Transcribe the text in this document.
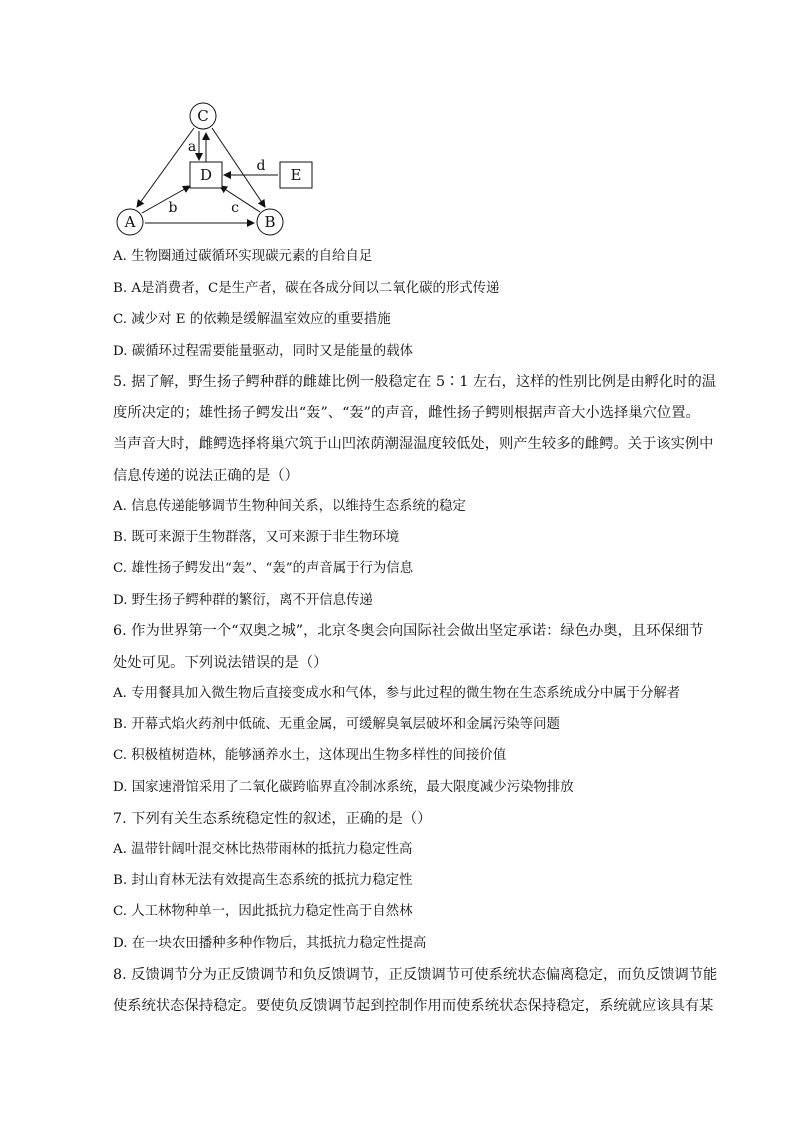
C
D	E
A	B
a
b	c
d
A. 生物圈通过碳循环实现碳元素的自给自足
B. A是消费者，C是生产者，碳在各成分间以二氧化碳的形式传递
C. 减少对 E 的依赖是缓解温室效应的重要措施
D. 碳循环过程需要能量驱动，同时又是能量的载体
5. 据了解，野生扬子鳄种群的雌雄比例一般稳定在 5∶1 左右，这样的性别比例是由孵化时的温
度所决定的；雄性扬子鳄发出“轰”、“轰”的声音，雌性扬子鳄则根据声音大小选择巢穴位置。
当声音大时，雌鳄选择将巢穴筑于山凹浓荫潮湿温度较低处，则产生较多的雌鳄。关于该实例中
信息传递的说法正确的是（）
A. 信息传递能够调节生物种间关系，以维持生态系统的稳定
B. 既可来源于生物群落，又可来源于非生物环境
C. 雄性扬子鳄发出“轰”、“轰”的声音属于行为信息
D. 野生扬子鳄种群的繁衍，离不开信息传递
6. 作为世界第一个“双奥之城”，北京冬奥会向国际社会做出坚定承诺：绿色办奥，且环保细节
处处可见。下列说法错误的是（）
A. 专用餐具加入微生物后直接变成水和气体，参与此过程的微生物在生态系统成分中属于分解者
B. 开幕式焰火药剂中低硫、无重金属，可缓解臭氧层破坏和金属污染等问题
C. 积极植树造林，能够涵养水土，这体现出生物多样性的间接价值
D. 国家速滑馆采用了二氧化碳跨临界直冷制冰系统，最大限度减少污染物排放
7. 下列有关生态系统稳定性的叙述，正确的是（）
A. 温带针阔叶混交林比热带雨林的抵抗力稳定性高
B. 封山育林无法有效提高生态系统的抵抗力稳定性
C. 人工林物种单一，因此抵抗力稳定性高于自然林
D. 在一块农田播种多种作物后，其抵抗力稳定性提高
8. 反馈调节分为正反馈调节和负反馈调节，正反馈调节可使系统状态偏离稳定，而负反馈调节能
使系统状态保持稳定。要使负反馈调节起到控制作用而使系统状态保持稳定，系统就应该具有某
